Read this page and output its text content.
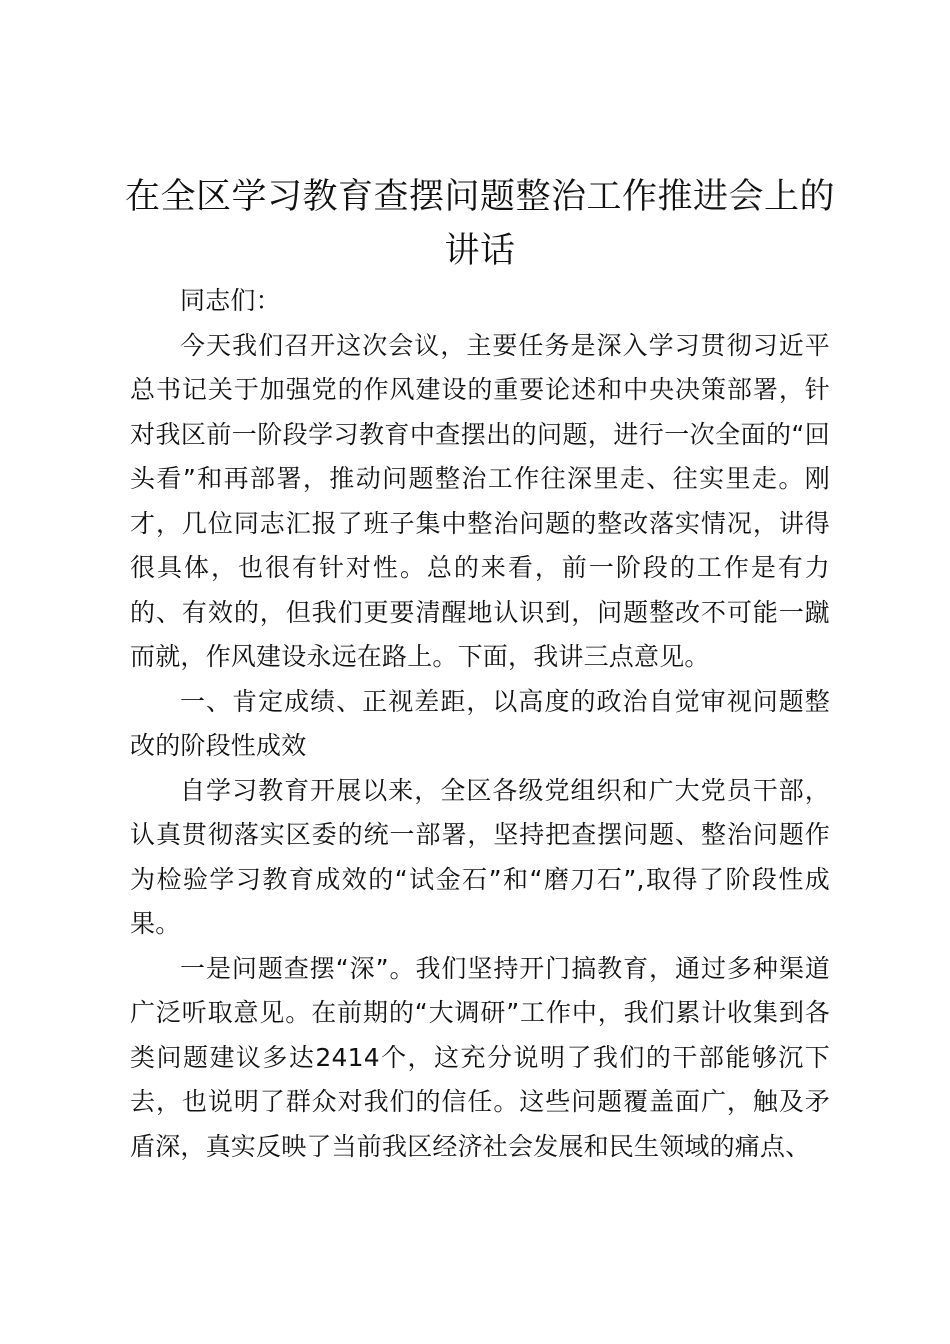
在全区学习教育查摆问题整治工作推进会上的讲话

同志们：

今天我们召开这次会议，主要任务是深入学习贯彻习近平总书记关于加强党的作风建设的重要论述和中央决策部署，针对我区前一阶段学习教育中查摆出的问题，进行一次全面的“回头看”和再部署，推动问题整治工作往深里走、往实里走。刚才，几位同志汇报了班子集中整治问题的整改落实情况，讲得很具体，也很有针对性。总的来看，前一阶段的工作是有力的、有效的，但我们更要清醒地认识到，问题整改不可能一蹴而就，作风建设永远在路上。下面，我讲三点意见。

一、肯定成绩、正视差距，以高度的政治自觉审视问题整改的阶段性成效

自学习教育开展以来，全区各级党组织和广大党员干部，认真贯彻落实区委的统一部署，坚持把查摆问题、整治问题作为检验学习教育成效的“试金石”和“磨刀石”,取得了阶段性成果。

一是问题查摆“深”。我们坚持开门搞教育，通过多种渠道广泛听取意见。在前期的“大调研”工作中，我们累计收集到各类问题建议多达2414个，这充分说明了我们的干部能够沉下去，也说明了群众对我们的信任。这些问题覆盖面广，触及矛盾深，真实反映了当前我区经济社会发展和民生领域的痛点、
